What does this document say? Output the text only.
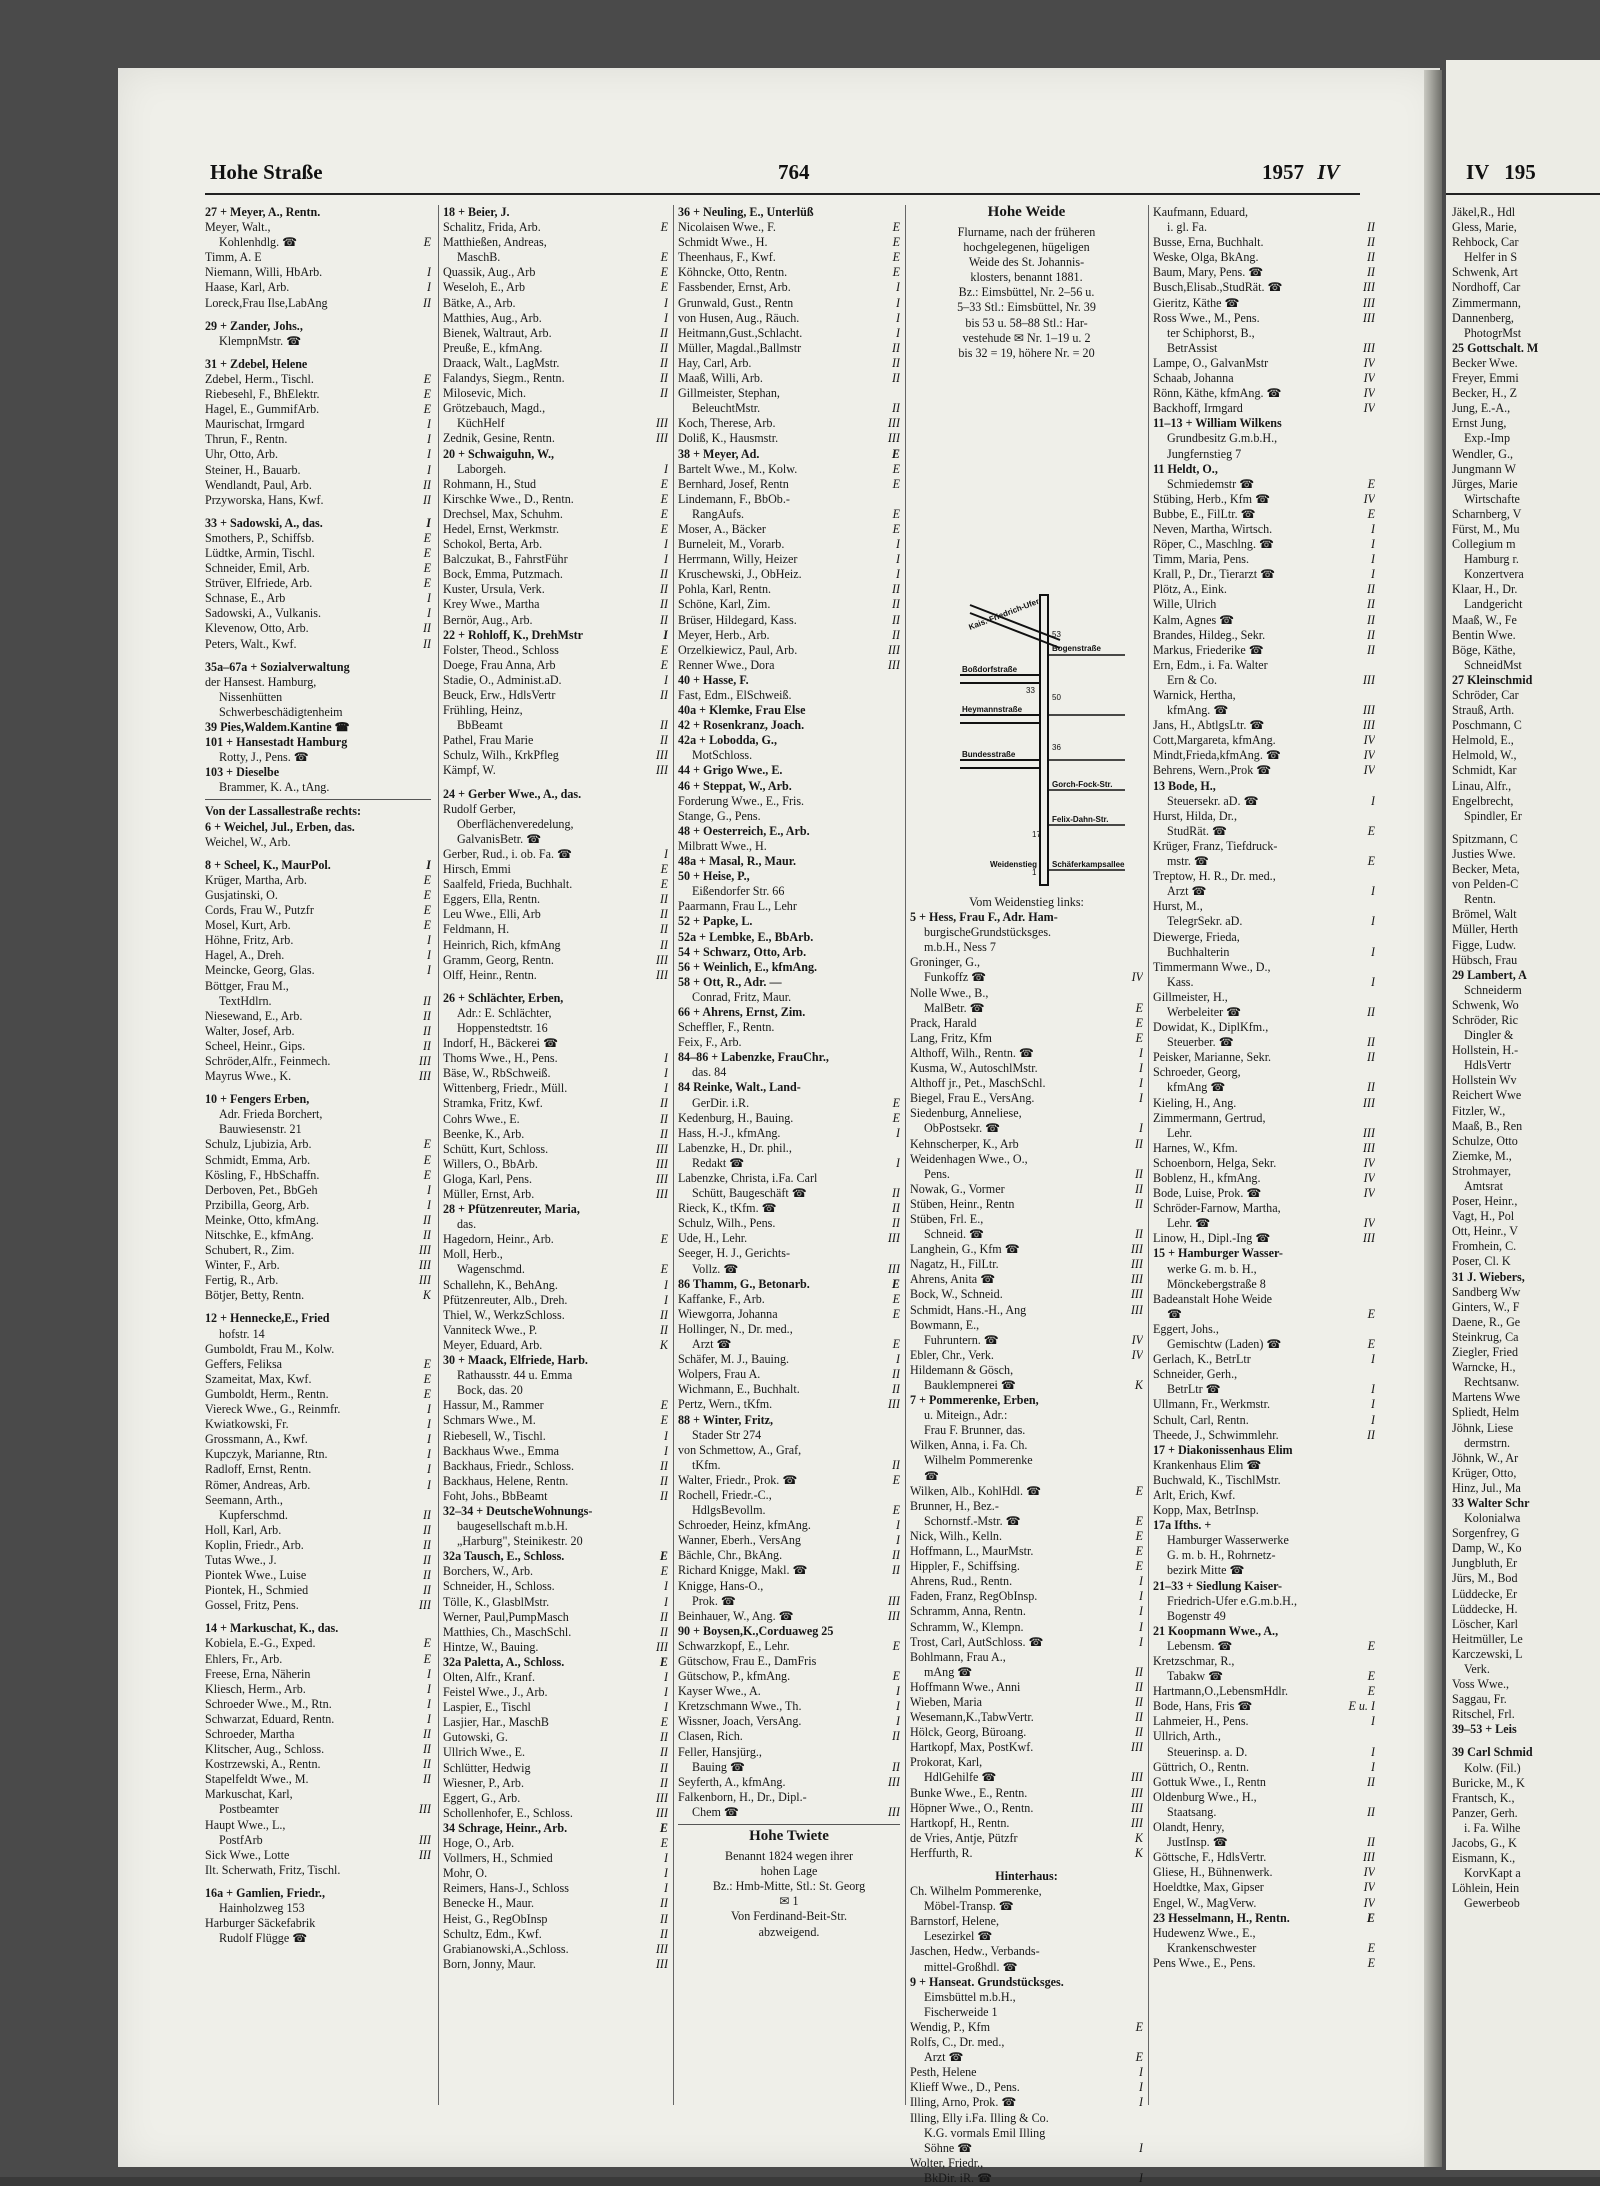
IV 195
Jäkel,R., Hdl
Gless, Marie,
Rehbock, Car
Helfer in S
Schwenk, Art
Nordhoff, Car
Zimmermann,
Dannenberg,
PhotogrMst
25 Gottschalt. M
Becker Wwe.
Freyer, Emmi
Becker, H., Z
Jung, E.-A.,
Ernst Jung,
Exp.-Imp
Wendler, G.,
Jungmann W
Jürges, Marie
Wirtschafte
Scharnberg, V
Fürst, M., Mu
Collegium m
Hamburg r.
Konzertvera
Klaar, H., Dr.
Landgericht
Maaß, W., Fe
Bentin Wwe.
Böge, Käthe,
SchneidMst
27 Kleinschmid
Schröder, Car
Strauß, Arth.
Poschmann, C
Helmold, E.,
Helmold, W.,
Schmidt, Kar
Linau, Alfr.,
Engelbrecht,
Spindler, Er
Spitzmann, C
Justies Wwe.
Becker, Meta,
von Pelden-C
Rentn.
Brömel, Walt
Müller, Herth
Figge, Ludw.
Hübsch, Frau
29 Lambert, A
Schneiderm
Schwenk, Wo
Schröder, Ric
Dingler &
Hollstein, H.-
HdlsVertr
Hollstein Wv
Reichert Wwe
Fitzler, W.,
Maaß, B., Ren
Schulze, Otto
Ziemke, M.,
Strohmayer,
Amtsrat
Poser, Heinr.,
Vagt, H., Pol
Ott, Heinr., V
Fromhein, C.
Poser, Cl. K
31 J. Wiebers,
Sandberg Ww
Ginters, W., F
Daene, R., Ge
Steinkrug, Ca
Ziegler, Fried
Warncke, H.,
Rechtsanw.
Martens Wwe
Spliedt, Helm
Jöhnk, Liese
dermstrn.
Jöhnk, W., Ar
Krüger, Otto,
Hinz, Jul., Ma
33 Walter Schr
Kolonialwa
Sorgenfrey, G
Damp, W., Ko
Jungbluth, Er
Jürs, M., Bod
Lüddecke, Er
Lüddecke, H.
Löscher, Karl
Heitmüller, Le
Karczewski, L
Verk.
Voss Wwe.,
Saggau, Fr.
Ritschel, Frl.
39–53 + Leis
39 Carl Schmid
Kolw. (Fil.)
Buricke, M., K
Frantsch, K.,
Panzer, Gerh.
i. Fa. Wilhe
Jacobs, G., K
Eismann, K.,
KorvKapt a
Löhlein, Hein
Gewerbeob
Hohe Straße	764	1957 IV
27 + Meyer, A., Rentn.
Meyer, Walt.,
E
Kohlenhdlg. ☎
Timm, A. E
I
Niemann, Willi, HbArb.
I
Haase, Karl, Arb.
II
Loreck,Frau Ilse,LabAng
29 + Zander, Johs.,
KlempnMstr. ☎
31 + Zdebel, Helene
E
Zdebel, Herm., Tischl.
E
Riebesehl, F., BhElektr.
E
Hagel, E., GummifArb.
I
Maurischat, Irmgard
I
Thrun, F., Rentn.
I
Uhr, Otto, Arb.
I
Steiner, H., Bauarb.
II
Wendlandt, Paul, Arb.
II
Przyworska, Hans, Kwf.
I
33 + Sadowski, A., das.
E
Smothers, P., Schiffsb.
E
Lüdtke, Armin, Tischl.
E
Schneider, Emil, Arb.
E
Strüver, Elfriede, Arb.
I
Schnase, E., Arb
I
Sadowski, A., Vulkanis.
II
Klevenow, Otto, Arb.
II
Peters, Walt., Kwf.
35a–67a + Sozialverwaltung
der Hansest. Hamburg,
Nissenhütten
Schwerbeschädigtenheim
39 Pies,Waldem.Kantine ☎
101 + Hansestadt Hamburg
Rotty, J., Pens. ☎
103 + Dieselbe
Brammer, K. A., tAng.
Von der Lassallestraße rechts:
6 + Weichel, Jul., Erben, das.
Weichel, W., Arb.
I
8 + Scheel, K., MaurPol.
E
Krüger, Martha, Arb.
E
Gusjatinski, O.
E
Cords, Frau W., Putzfr
E
Mosel, Kurt, Arb.
I
Höhne, Fritz, Arb.
I
Hagel, A., Dreh.
I
Meincke, Georg, Glas.
Böttger, Frau M.,
II
TextHdlrn.
II
Niesewand, E., Arb.
II
Walter, Josef, Arb.
II
Scheel, Heinr., Gips.
III
Schröder,Alfr., Feinmech.
III
Mayrus Wwe., K.
10 + Fengers Erben,
Adr. Frieda Borchert,
Bauwiesenstr. 21
E
Schulz, Ljubizia, Arb.
E
Schmidt, Emma, Arb.
E
Kösling, F., HbSchaffn.
I
Derboven, Pet., BbGeh
I
Przibilla, Georg, Arb.
II
Meinke, Otto, kfmAng.
II
Nitschke, E., kfmAng.
III
Schubert, R., Zim.
III
Winter, F., Arb.
III
Fertig, R., Arb.
K
Bötjer, Betty, Rentn.
12 + Hennecke,E., Fried
hofstr. 14
Gumboldt, Frau M., Kolw.
E
Geffers, Feliksa
E
Szameitat, Max, Kwf.
E
Gumboldt, Herm., Rentn.
I
Viereck Wwe., G., Reinmfr.
I
Kwiatkowski, Fr.
I
Grossmann, A., Kwf.
I
Kupczyk, Marianne, Rtn.
I
Radloff, Ernst, Rentn.
I
Römer, Andreas, Arb.
Seemann, Arth.,
II
Kupferschmd.
II
Holl, Karl, Arb.
II
Koplin, Friedr., Arb.
II
Tutas Wwe., J.
II
Piontek Wwe., Luise
II
Piontek, H., Schmied
III
Gossel, Fritz, Pens.
14 + Markuschat, K., das.
E
Kobiela, E.-G., Exped.
E
Ehlers, Fr., Arb.
I
Freese, Erna, Näherin
I
Kliesch, Herm., Arb.
I
Schroeder Wwe., M., Rtn.
I
Schwarzat, Eduard, Rentn.
II
Schroeder, Martha
II
Klitscher, Aug., Schloss.
II
Kostrzewski, A., Rentn.
II
Stapelfeldt Wwe., M.
Markuschat, Karl,
III
Postbeamter
Haupt Wwe., L.,
III
PostfArb
III
Sick Wwe., Lotte
Ilt. Scherwath, Fritz, Tischl.
16a + Gamlien, Friedr.,
Hainholzweg 153
Harburger Säckefabrik
Rudolf Flügge ☎
18 + Beier, J.
E
Schalitz, Frida, Arb.
Matthießen, Andreas,
E
MaschB.
E
Quassik, Aug., Arb
E
Weseloh, E., Arb
I
Bätke, A., Arb.
I
Matthies, Aug., Arb.
II
Bienek, Waltraut, Arb.
II
Preuße, E., kfmAng.
II
Draack, Walt., LagMstr.
II
Falandys, Siegm., Rentn.
II
Milosevic, Mich.
Grötzebauch, Magd.,
III
KüchHelf
III
Zednik, Gesine, Rentn.
20 + Schwaiguhn, W.,
I
Laborgeh.
E
Rohmann, H., Stud
E
Kirschke Wwe., D., Rentn.
E
Drechsel, Max, Schuhm.
E
Hedel, Ernst, Werkmstr.
I
Schokol, Berta, Arb.
I
Balczukat, B., FahrstFühr
II
Bock, Emma, Putzmach.
II
Kuster, Ursula, Verk.
II
Krey Wwe., Martha
II
Bernör, Aug., Arb.
I
22 + Rohloff, K., DrehMstr
E
Folster, Theod., Schloss
E
Doege, Frau Anna, Arb
I
Stadie, O., Administ.aD.
II
Beuck, Erw., HdlsVertr
Frühling, Heinz,
II
BbBeamt
II
Pathel, Frau Marie
III
Schulz, Wilh., KrkPfleg
III
Kämpf, W.
24 + Gerber Wwe., A., das.
Rudolf Gerber,
Oberflächenveredelung,
GalvanisBetr. ☎
I
Gerber, Rud., i. ob. Fa. ☎
E
Hirsch, Emmi
E
Saalfeld, Frieda, Buchhalt.
II
Eggers, Ella, Rentn.
II
Leu Wwe., Elli, Arb
II
Feldmann, H.
II
Heinrich, Rich, kfmAng
III
Gramm, Georg, Rentn.
III
Olff, Heinr., Rentn.
26 + Schlächter, Erben,
Adr.: E. Schlächter,
Hoppenstedtstr. 16
Indorf, H., Bäckerei ☎
I
Thoms Wwe., H., Pens.
I
Bäse, W., RbSchweiß.
I
Wittenberg, Friedr., Müll.
II
Stramka, Fritz, Kwf.
II
Cohrs Wwe., E.
II
Beenke, K., Arb.
III
Schütt, Kurt, Schloss.
III
Willers, O., BbArb.
III
Gloga, Karl, Pens.
III
Müller, Ernst, Arb.
28 + Pfützenreuter, Maria,
das.
E
Hagedorn, Heinr., Arb.
Moll, Herb.,
E
Wagenschmd.
I
Schallehn, K., BehAng.
I
Pfützenreuter, Alb., Dreh.
II
Thiel, W., WerkzSchloss.
II
Vanniteck Wwe., P.
K
Meyer, Eduard, Arb.
30 + Maack, Elfriede, Harb.
Rathausstr. 44 u. Emma
Bock, das. 20
E
Hassur, M., Rammer
E
Schmars Wwe., M.
I
Riebesell, W., Tischl.
I
Backhaus Wwe., Emma
II
Backhaus, Friedr., Schloss.
II
Backhaus, Helene, Rentn.
II
Foht, Johs., BbBeamt
32–34 + DeutscheWohnungs-
baugesellschaft m.b.H.
„Harburg", Steinikestr. 20
E
32a Tausch, E., Schloss.
E
Borchers, W., Arb.
I
Schneider, H., Schloss.
I
Tölle, K., GlasblMstr.
II
Werner, Paul,PumpMasch
II
Matthies, Ch., MaschSchl.
III
Hintze, W., Bauing.
E
32a Paletta, A., Schloss.
I
Olten, Alfr., Kranf.
I
Feistel Wwe., J., Arb.
I
Laspier, E., Tischl
E
Lasjier, Har., MaschB
II
Gutowski, G.
II
Ullrich Wwe., E.
II
Schlütter, Hedwig
II
Wiesner, P., Arb.
III
Eggert, G., Arb.
III
Schollenhofer, E., Schloss.
E
34 Schrage, Heinr., Arb.
E
Hoge, O., Arb.
I
Vollmers, H., Schmied
I
Mohr, O.
I
Reimers, Hans-J., Schloss
II
Benecke H., Maur.
II
Heist, G., RegObInsp
II
Schultz, Edm., Kwf.
III
Grabianowski,A.,Schloss.
III
Born, Jonny, Maur.
36 + Neuling, E., Unterlüß
E
Nicolaisen Wwe., F.
E
Schmidt Wwe., H.
E
Theenhaus, F., Kwf.
E
Köhncke, Otto, Rentn.
I
Fassbender, Ernst, Arb.
I
Grunwald, Gust., Rentn
I
von Husen, Aug., Räuch.
I
Heitmann,Gust.,Schlacht.
II
Müller, Magdal.,Ballmstr
II
Hay, Carl, Arb.
II
Maaß, Willi, Arb.
Gillmeister, Stephan,
II
BeleuchtMstr.
III
Koch, Therese, Arb.
III
Doliß, K., Hausmstr.
E
38 + Meyer, Ad.
E
Bartelt Wwe., M., Kolw.
E
Bernhard, Josef, Rentn
Lindemann, F., BbOb.-
E
RangAufs.
E
Moser, A., Bäcker
I
Burneleit, M., Vorarb.
I
Herrmann, Willy, Heizer
I
Kruschewski, J., ObHeiz.
II
Pohla, Karl, Rentn.
II
Schöne, Karl, Zim.
II
Brüser, Hildegard, Kass.
II
Meyer, Herb., Arb.
III
Orzelkiewicz, Paul, Arb.
III
Renner Wwe., Dora
40 + Hasse, F.
Fast, Edm., ElSchweiß.
40a + Klemke, Frau Else
42 + Rosenkranz, Joach.
42a + Lobodda, G.,
MotSchloss.
44 + Grigo Wwe., E.
46 + Steppat, W., Arb.
Forderung Wwe., E., Fris.
Stange, G., Pens.
48 + Oesterreich, E., Arb.
Milbratt Wwe., H.
48a + Masal, R., Maur.
50 + Heise, P.,
Eißendorfer Str. 66
Paarmann, Frau L., Lehr
52 + Papke, L.
52a + Lembke, E., BbArb.
54 + Schwarz, Otto, Arb.
56 + Weinlich, E., kfmAng.
58 + Ott, R., Adr. —
Conrad, Fritz, Maur.
66 + Ahrens, Ernst, Zim.
Scheffler, F., Rentn.
Feix, F., Arb.
84–86 + Labenzke, FrauChr.,
das. 84
84 Reinke, Walt., Land-
E
GerDir. i.R.
E
Kedenburg, H., Bauing.
I
Hass, H.-J., kfmAng.
Labenzke, H., Dr. phil.,
I
Redakt ☎
Labenzke, Christa, i.Fa. Carl
II
Schütt, Baugeschäft ☎
II
Rieck, K., tKfm. ☎
II
Schulz, Wilh., Pens.
III
Ude, H., Lehr.
Seeger, H. J., Gerichts-
III
Vollz. ☎
E
86 Thamm, G., Betonarb.
E
Kaffanke, F., Arb.
E
Wiewgorra, Johanna
Hollinger, N., Dr. med.,
E
Arzt ☎
I
Schäfer, M. J., Bauing.
II
Wolpers, Frau A.
II
Wichmann, E., Buchhalt.
III
Pertz, Wern., tKfm.
88 + Winter, Fritz,
Stader Str 274
von Schmettow, A., Graf,
II
tKfm.
E
Walter, Friedr., Prok. ☎
Rochell, Friedr.-C.,
E
HdlgsBevollm.
I
Schroeder, Heinz, kfmAng.
I
Wanner, Eberh., VersAng
II
Bächle, Chr., BkAng.
II
Richard Knigge, Makl. ☎
Knigge, Hans-O.,
III
Prok. ☎
III
Beinhauer, W., Ang. ☎
90 + Boysen,K.,Corduaweg 25
E
Schwarzkopf, E., Lehr.
Gütschow, Frau E., DamFris
E
Gütschow, P., kfmAng.
I
Kayser Wwe., A.
I
Kretzschmann Wwe., Th.
I
Wissner, Joach, VersAng.
II
Clasen, Rich.
Feller, Hansjürg.,
II
Bauing ☎
III
Seyferth, A., kfmAng.
Falkenborn, H., Dr., Dipl.-
III
Chem ☎
Hohe Twiete
Benannt 1824 wegen ihrer
hohen Lage
Bz.: Hmb-Mitte, Stl.: St. Georg
✉ 1
Von Ferdinand-Beit-Str.
abzweigend.
Hohe Weide
Flurname, nach der früheren
hochgelegenen, hügeligen
Weide des St. Johannis-
klosters, benannt 1881.
Bz.: Eimsbüttel, Nr. 2–56 u.
5–33 Stl.: Eimsbüttel, Nr. 39
bis 53 u. 58–88 Stl.: Har-
vestehude ✉ Nr. 1–19 u. 2
bis 32 = 19, höhere Nr. = 20
Vom Weidenstieg links:
5 + Hess, Frau F., Adr. Ham-
burgischeGrundstücksges.
m.b.H., Ness 7
Groninger, G.,
IV
Funkoffz ☎
Nolle Wwe., B.,
E
MalBetr. ☎
E
Prack, Harald
E
Lang, Fritz, Kfm
I
Althoff, Wilh., Rentn. ☎
I
Kusma, W., AutoschlMstr.
I
Althoff jr., Pet., MaschSchl.
I
Biegel, Frau E., VersAng.
Siedenburg, Anneliese,
I
ObPostsekr. ☎
II
Kehnscherper, K., Arb
Weidenhagen Wwe., O.,
II
Pens.
II
Nowak, G., Vormer
II
Stüben, Heinr., Rentn
Stüben, Frl. E.,
II
Schneid. ☎
III
Langhein, G., Kfm ☎
III
Nagatz, H., FilLtr.
III
Ahrens, Anita ☎
III
Bock, W., Schneid.
III
Schmidt, Hans.-H., Ang
Bowmann, E.,
IV
Fuhruntern. ☎
IV
Ebler, Chr., Verk.
Hildemann & Gösch,
K
Bauklempnerei ☎
7 + Pommerenke, Erben,
u. Miteign., Adr.:
Frau F. Brunner, das.
Wilken, Anna, i. Fa. Ch.
Wilhelm Pommerenke
☎
E
Wilken, Alb., KohlHdl. ☎
Brunner, H., Bez.-
E
Schornstf.-Mstr. ☎
E
Nick, Wilh., Kelln.
E
Hoffmann, L., MaurMstr.
E
Hippler, F., Schiffsing.
I
Ahrens, Rud., Rentn.
I
Faden, Franz, RegObInsp.
I
Schramm, Anna, Rentn.
I
Schramm, W., Klempn.
I
Trost, Carl, AutSchloss. ☎
Bohlmann, Frau A.,
II
mAng ☎
II
Hoffmann Wwe., Anni
II
Wieben, Maria
II
Wesemann,K.,TabwVertr.
II
Hölck, Georg, Büroang.
III
Hartkopf, Max, PostKwf.
Prokorat, Karl,
III
HdlGehilfe ☎
III
Bunke Wwe., E., Rentn.
III
Höpner Wwe., O., Rentn.
III
Hartkopf, H., Rentn.
K
de Vries, Antje, Pützfr
K
Herffurth, R.
Hinterhaus:
Ch. Wilhelm Pommerenke,
Möbel-Transp. ☎
Barnstorf, Helene,
Lesezirkel ☎
Jaschen, Hedw., Verbands-
mittel-Großhdl. ☎
9 + Hanseat. Grundstücksges.
Eimsbüttel m.b.H.,
Fischerweide 1
E
Wendig, P., Kfm
Rolfs, C., Dr. med.,
E
Arzt ☎
I
Pesth, Helene
I
Klieff Wwe., D., Pens.
I
Illing, Arno, Prok. ☎
Illing, Elly i.Fa. Illing & Co.
K.G. vormals Emil Illing
I
Söhne ☎
Wolter, Friedr.,
I
BkDir. iR. ☎
Kaufmann, Eduard,
II
i. gl. Fa.
II
Busse, Erna, Buchhalt.
II
Weske, Olga, BkAng.
II
Baum, Mary, Pens. ☎
III
Busch,Elisab.,StudRät. ☎
III
Gieritz, Käthe ☎
III
Ross Wwe., M., Pens.
ter Schiphorst, B.,
III
BetrAssist
IV
Lampe, O., GalvanMstr
IV
Schaab, Johanna
IV
Rönn, Käthe, kfmAng. ☎
IV
Backhoff, Irmgard
11–13 + William Wilkens
Grundbesitz G.m.b.H.,
Jungfernstieg 7
11 Heldt, O.,
E
Schmiedemstr ☎
IV
Stübing, Herb., Kfm ☎
E
Bubbe, E., FilLtr. ☎
I
Neven, Martha, Wirtsch.
I
Röper, C., Maschlng. ☎
I
Timm, Maria, Pens.
I
Krall, P., Dr., Tierarzt ☎
II
Plötz, A., Eink.
II
Wille, Ulrich
II
Kalm, Agnes ☎
II
Brandes, Hildeg., Sekr.
II
Markus, Friederike ☎
Ern, Edm., i. Fa. Walter
III
Ern & Co.
Warnick, Hertha,
III
kfmAng. ☎
III
Jans, H., AbtlgsLtr. ☎
IV
Cott,Margareta, kfmAng.
IV
Mindt,Frieda,kfmAng. ☎
IV
Behrens, Wern.,Prok ☎
13 Bode, H.,
I
Steuersekr. aD. ☎
Hurst, Hilda, Dr.,
E
StudRät. ☎
Krüger, Franz, Tiefdruck-
E
mstr. ☎
Treptow, H. R., Dr. med.,
I
Arzt ☎
Hurst, M.,
I
TelegrSekr. aD.
Diewerge, Frieda,
I
Buchhalterin
Timmermann Wwe., D.,
I
Kass.
Gillmeister, H.,
II
Werbeleiter ☎
Dowidat, K., DiplKfm.,
II
Steuerber. ☎
II
Peisker, Marianne, Sekr.
Schroeder, Georg,
II
kfmAng ☎
III
Kieling, H., Ang.
Zimmermann, Gertrud,
III
Lehr.
III
Harnes, W., Kfm.
IV
Schoenborn, Helga, Sekr.
IV
Boblenz, H., kfmAng.
IV
Bode, Luise, Prok. ☎
Schröder-Farnow, Martha,
IV
Lehr. ☎
III
Linow, H., Dipl.-Ing ☎
15 + Hamburger Wasser-
werke G. m. b. H.,
Mönckebergstraße 8
Badeanstalt Hohe Weide
E
☎
Eggert, Johs.,
E
Gemischtw (Laden) ☎
I
Gerlach, K., BetrLtr
Schneider, Gerh.,
I
BetrLtr ☎
I
Ullmann, Fr., Werkmstr.
I
Schult, Carl, Rentn.
II
Theede, J., Schwimmlehr.
17 + Diakonissenhaus Elim
Krankenhaus Elim ☎
Buchwald, K., TischlMstr.
Arlt, Erich, Kwf.
Kopp, Max, BetrInsp.
17a Ifths. +
Hamburger Wasserwerke
G. m. b. H., Rohrnetz-
bezirk Mitte ☎
21–33 + Siedlung Kaiser-
Friedrich-Ufer e.G.m.b.H.,
Bogenstr 49
21 Koopmann Wwe., A.,
E
Lebensm. ☎
Kretzschmar, R.,
E
Tabakw ☎
E
Hartmann,O.,LebensmHdlr.
E u. I
Bode, Hans, Fris ☎
I
Lahmeier, H., Pens.
Ullrich, Arth.,
I
Steuerinsp. a. D.
I
Güttrich, O., Rentn.
II
Gottuk Wwe., I., Rentn
Oldenburg Wwe., H.,
II
Staatsang.
Olandt, Henry,
II
JustInsp. ☎
III
Göttsche, F., HdlsVertr.
IV
Gliese, H., Bühnenwerk.
IV
Hoeldtke, Max, Gipser
IV
Engel, W., MagVerw.
E
23 Hesselmann, H., Rentn.
Hudewenz Wwe., E.,
E
Krankenschwester
E
Pens Wwe., E., Pens.
Kais.-Friedrich-Ufer
Bogenstraße
Boßdorfstraße
Heymannstraße
Bundesstraße
Gorch-Fock-Str.
Felix-Dahn-Str.
Weidenstieg Schäferkampsallee
53
33
50
36
17
1
